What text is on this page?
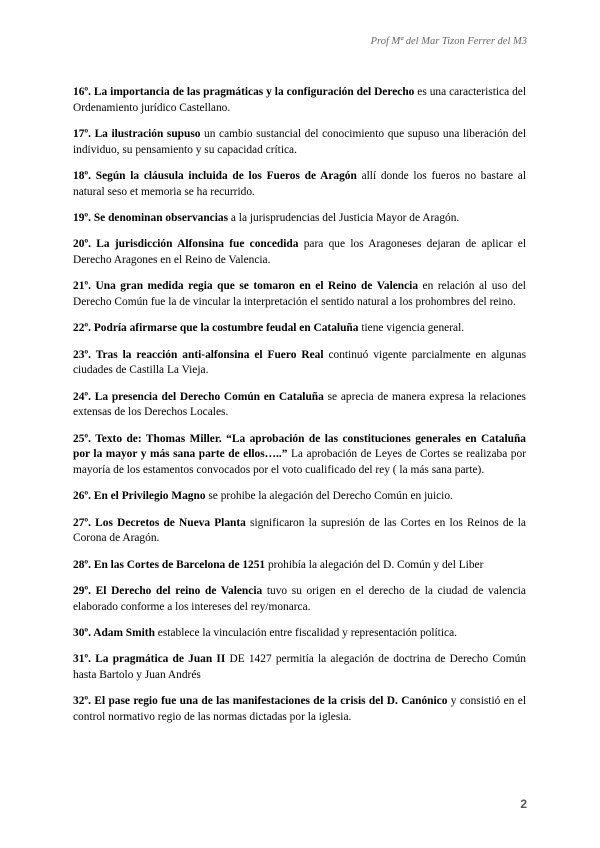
Prof Mª del Mar Tizon Ferrer del M3

16º. La importancia de las pragmáticas y la configuración del Derecho es una caracteristica del Ordenamiento jurídico Castellano.

17º. La ilustración supuso un cambio sustancial del conocimiento que supuso una liberación del individuo, su pensamiento y su capacidad crítica.

18º. Según la cláusula incluida de los Fueros de Aragón allí donde los fueros no bastare al natural seso et memoria se ha recurrido.

19º. Se denominan observancias a la jurisprudencias del Justicia Mayor de Aragón.

20º. La jurisdicción Alfonsina fue concedida para que los Aragoneses dejaran de aplicar el Derecho Aragones en el Reino de Valencia.

21º. Una gran medida regia que se tomaron en el Reino de Valencia en relación al uso del Derecho Común fue la de vincular la interpretación el sentido natural a los prohombres del reino.

22º. Podría afirmarse que la costumbre feudal en Cataluña tiene vigencia general.

23º. Tras la reacción anti-alfonsina el Fuero Real continuó vigente parcialmente en algunas ciudades de Castilla La Vieja.

24º. La presencia del Derecho Común en Cataluña se aprecia de manera expresa la relaciones extensas de los Derechos Locales.

25º. Texto de: Thomas Miller. “La aprobación de las constituciones generales en Cataluña por la mayor y más sana parte de ellos…..” La aprobación de Leyes de Cortes se realizaba por mayoría de los estamentos convocados por el voto cualificado del rey ( la más sana parte).

26º. En el Privilegio Magno se prohibe la alegación del Derecho Común en juicio.

27º. Los Decretos de Nueva Planta significaron la supresión de las Cortes en los Reinos de la Corona de Aragón.

28º. En las Cortes de Barcelona de 1251 prohibía la alegación del D. Común y del Liber

29º. El Derecho del reino de Valencia tuvo su origen en el derecho de la ciudad de valencia elaborado conforme a los intereses del rey/monarca.

30º. Adam Smith establece la vinculación entre fiscalidad y representación política.

31º. La pragmática de Juan II DE 1427 permitía la alegación de doctrina de Derecho Común hasta Bartolo y Juan Andrés

32º. El pase regio fue una de las manifestaciones de la crisis del D. Canónico y consistió en el control normativo regio de las normas dictadas por la iglesia.

2
